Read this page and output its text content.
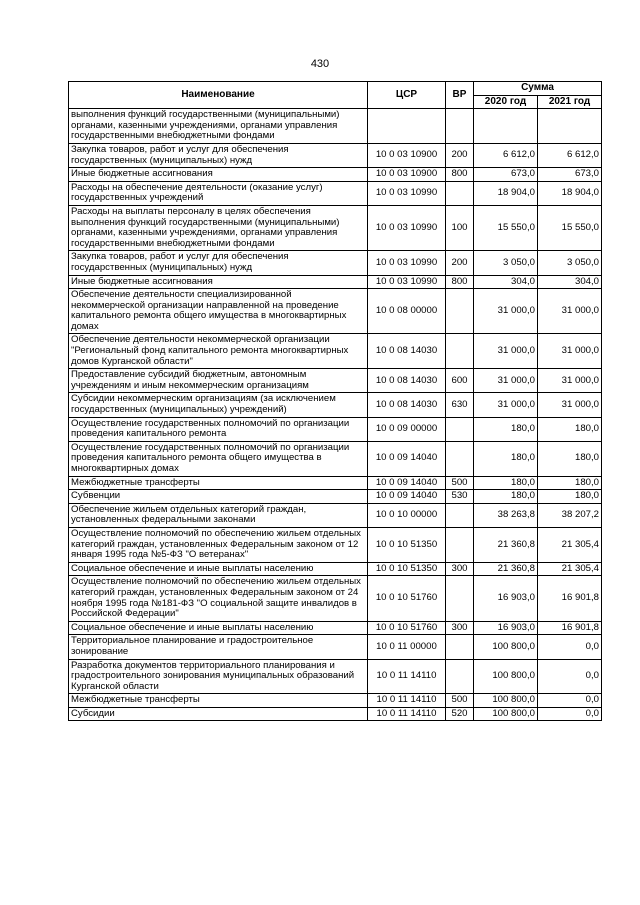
430
Наименование	ЦСР	ВР	Сумма	
			2020 год	2021 год
выполнения функций государственными (муниципальными) органами, казенными учреждениями, органами управления государственными внебюджетными фондами				
Закупка товаров, работ и услуг для обеспечения государственных (муниципальных) нужд	10 0 03 10900	200	6 612,0	6 612,0
Иные бюджетные ассигнования	10 0 03 10900	800	673,0	673,0
Расходы на обеспечение деятельности (оказание услуг) государственных учреждений	10 0 03 10990		18 904,0	18 904,0
Расходы на выплаты персоналу в целях обеспечения выполнения функций государственными (муниципальными) органами, казенными учреждениями, органами управления государственными внебюджетными фондами	10 0 03 10990	100	15 550,0	15 550,0
Закупка товаров, работ и услуг для обеспечения государственных (муниципальных) нужд	10 0 03 10990	200	3 050,0	3 050,0
Иные бюджетные ассигнования	10 0 03 10990	800	304,0	304,0
Обеспечение деятельности специализированной некоммерческой организации направленной на проведение капитального ремонта общего имущества в многоквартирных домах	10 0 08 00000		31 000,0	31 000,0
Обеспечение деятельности некоммерческой организации "Региональный фонд капитального ремонта многоквартирных домов Курганской области"	10 0 08 14030		31 000,0	31 000,0
Предоставление субсидий бюджетным, автономным учреждениям и иным некоммерческим организациям	10 0 08 14030	600	31 000,0	31 000,0
Субсидии некоммерческим организациям (за исключением государственных (муниципальных) учреждений)	10 0 08 14030	630	31 000,0	31 000,0
Осуществление государственных полномочий по организации проведения капитального ремонта	10 0 09 00000		180,0	180,0
Осуществление государственных полномочий по организации проведения капитального ремонта общего имущества в многоквартирных домах	10 0 09 14040		180,0	180,0
Межбюджетные трансферты	10 0 09 14040	500	180,0	180,0
Субвенции	10 0 09 14040	530	180,0	180,0
Обеспечение жильем отдельных категорий граждан, установленных федеральными законами	10 0 10 00000		38 263,8	38 207,2
Осуществление полномочий по обеспечению жильем отдельных категорий граждан, установленных Федеральным законом от 12 января 1995 года №5-ФЗ "О ветеранах"	10 0 10 51350		21 360,8	21 305,4
Социальное обеспечение и иные выплаты населению	10 0 10 51350	300	21 360,8	21 305,4
Осуществление полномочий по обеспечению жильем отдельных категорий граждан, установленных Федеральным законом от 24 ноября 1995 года №181-ФЗ "О социальной защите инвалидов в Российской Федерации"	10 0 10 51760		16 903,0	16 901,8
Социальное обеспечение и иные выплаты населению	10 0 10 51760	300	16 903,0	16 901,8
Территориальное планирование и градостроительное зонирование	10 0 11 00000		100 800,0	0,0
Разработка документов территориального планирования и градостроительного зонирования муниципальных образований Курганской области	10 0 11 14110		100 800,0	0,0
Межбюджетные трансферты	10 0 11 14110	500	100 800,0	0,0
Субсидии	10 0 11 14110	520	100 800,0	0,0
